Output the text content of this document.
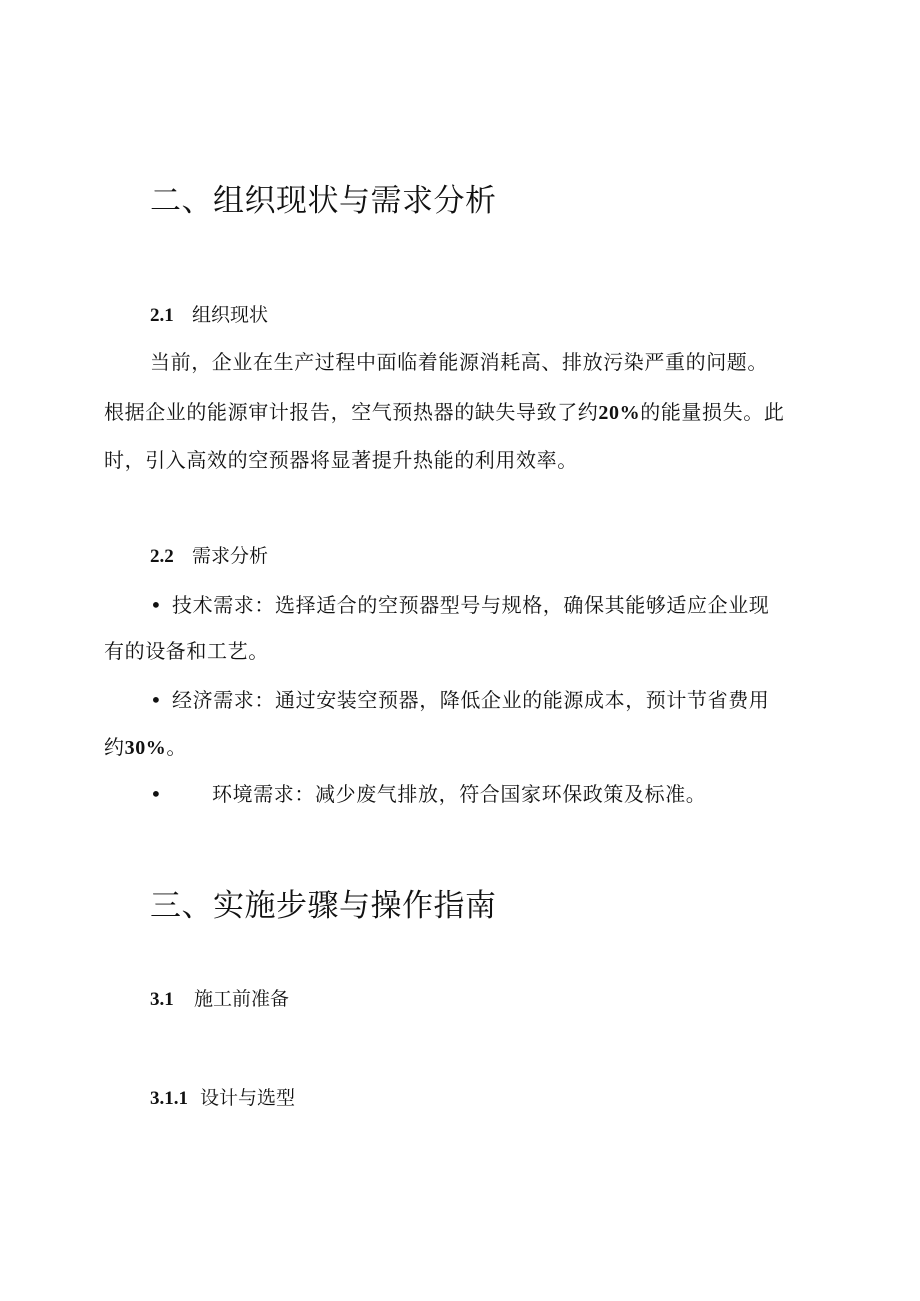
二、组织现状与需求分析
2.1 组织现状
当前，企业在生产过程中面临着能源消耗高、排放污染严重的问题。
根据企业的能源审计报告，空气预热器的缺失导致了约20%的能量损失。此
时，引入高效的空预器将显著提升热能的利用效率。
2.2 需求分析
• 技术需求：选择适合的空预器型号与规格，确保其能够适应企业现
有的设备和工艺。
• 经济需求：通过安装空预器，降低企业的能源成本，预计节省费用
约30%。
• 环境需求：减少废气排放，符合国家环保政策及标准。
三、实施步骤与操作指南
3.1 施工前准备
3.1.1 设计与选型
